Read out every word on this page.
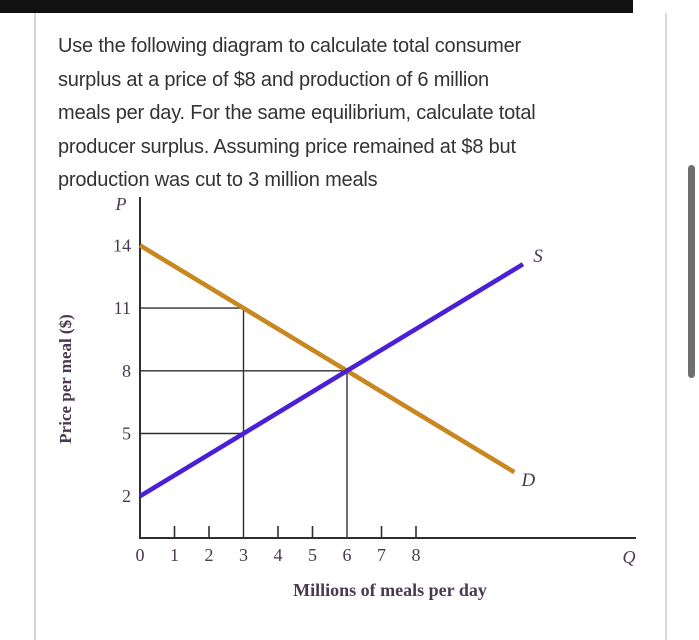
Use the following diagram to calculate total consumer
surplus at a price of $8 and production of 6 million
meals per day. For the same equilibrium, calculate total
producer surplus. Assuming price remained at $8 but
production was cut to 3 million meals
D
S
0 1 2 3 4 5 6 7 8
2
5
8
11
14
P
Q
Millions of meals per day
Price per meal ($)
